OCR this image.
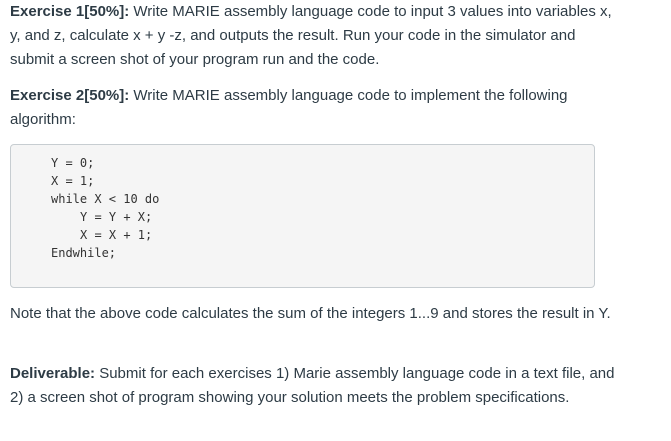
Exercise 1[50%]: Write MARIE assembly language code to input 3 values into variables x, y, and z, calculate x + y -z, and outputs the result. Run your code in the simulator and submit a screen shot of your program run and the code.

Exercise 2[50%]: Write MARIE assembly language code to implement the following algorithm:

Y = 0;
X = 1;
while X < 10 do
Y = Y + X;
X = X + 1;
Endwhile;

Note that the above code calculates the sum of the integers 1...9 and stores the result in Y.

Deliverable: Submit for each exercises 1) Marie assembly language code in a text file, and 2) a screen shot of program showing your solution meets the problem specifications.
